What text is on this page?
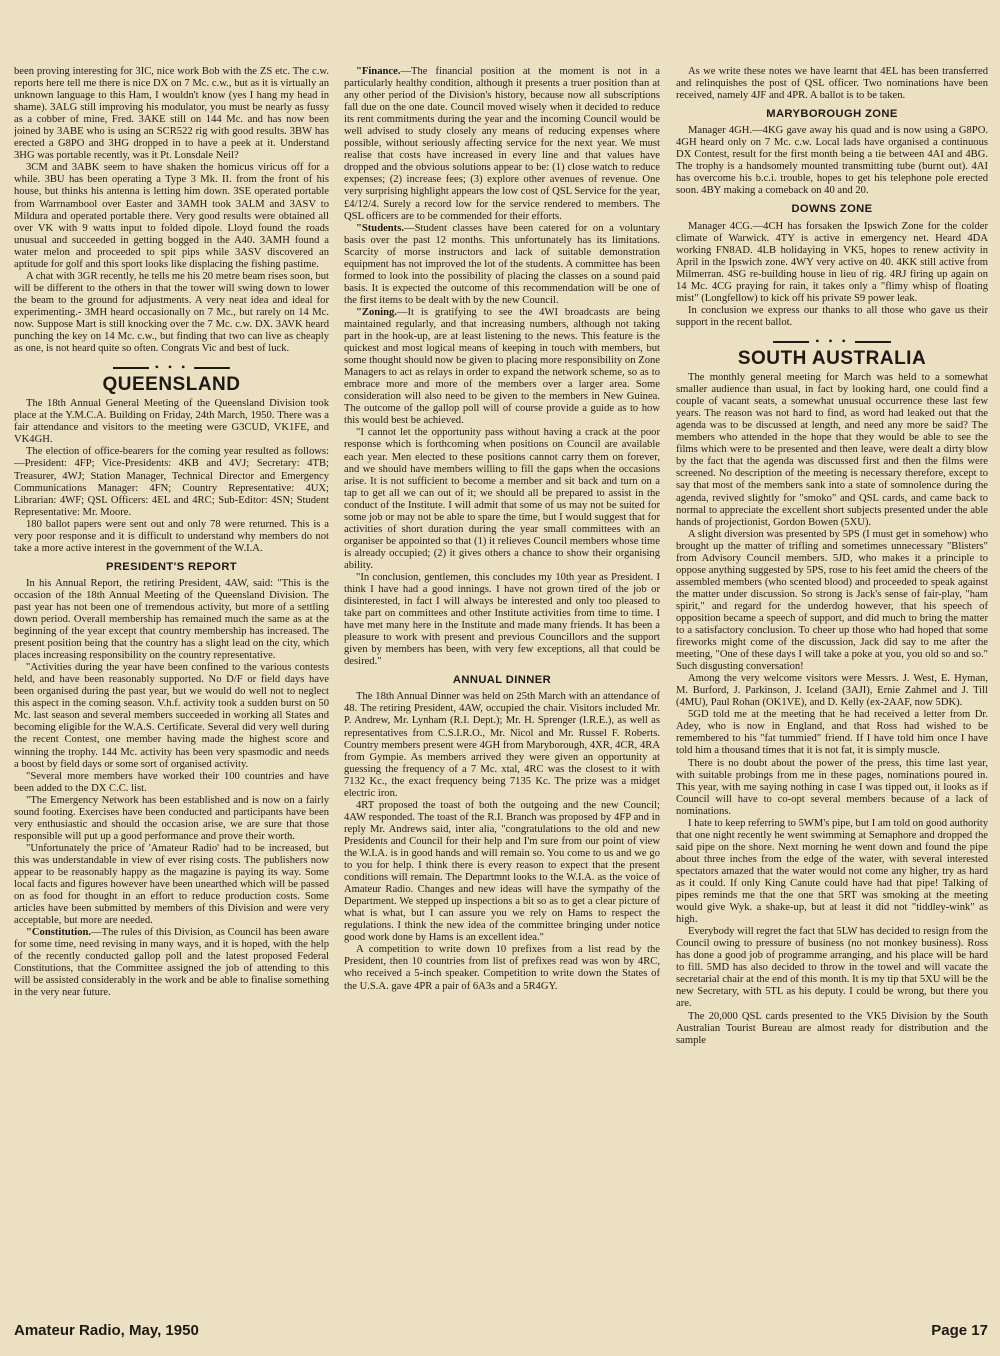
been proving interesting for 3IC, nice work Bob with the ZS etc. The c.w. reports here tell me there is nice DX on 7 Mc. c.w., but as it is virtually an unknown language to this Ham, I wouldn't know (yes I hang my head in shame). 3ALG still improving his modulator, you must be nearly as fussy as a cobber of mine, Fred. 3AKE still on 144 Mc. and has now been joined by 3ABE who is using an SCR522 rig with good results. 3BW has erected a G8PO and 3HG dropped in to have a peek at it. Understand 3HG was portable recently, was it Pt. Lonsdale Neil?

3CM and 3ABK seem to have shaken the homicus viricus off for a while. 3BU has been operating a Type 3 Mk. II. from the front of his house, but thinks his antenna is letting him down. 3SE operated portable from Warrnambool over Easter and 3AMH took 3ALM and 3ASV to Mildura and operated portable there. Very good results were obtained all over VK with 9 watts input to folded dipole. Lloyd found the roads unusual and succeeded in getting bogged in the A40. 3AMH found a water melon and proceeded to spit pips while 3ASV discovered an aptitude for golf and this sport looks like displacing the fishing pastime.

A chat with 3GR recently, he tells me his 20 metre beam rises soon, but will be different to the others in that the tower will swing down to lower the beam to the ground for adjustments. A very neat idea and ideal for experimenting.- 3MH heard occasionally on 7 Mc., but rarely on 14 Mc. now. Suppose Mart is still knocking over the 7 Mc. c.w. DX. 3AVK heard punching the key on 14 Mc. c.w., but finding that two can live as cheaply as one, is not heard quite so often. Congrats Vic and best of luck.

• • •
QUEENSLAND

The 18th Annual General Meeting of the Queensland Division took place at the Y.M.C.A. Building on Friday, 24th March, 1950. There was a fair attendance and visitors to the meeting were G3CUD, VK1FE, and VK4GH.

The election of office-bearers for the coming year resulted as follows:—President: 4FP; Vice-Presidents: 4KB and 4VJ; Secretary: 4TB; Treasurer, 4WJ; Station Manager, Technical Director and Emergency Communications Manager: 4FN; Country Representative: 4UX; Librarian: 4WF; QSL Officers: 4EL and 4RC; Sub-Editor: 4SN; Student Representative: Mr. Moore.

180 ballot papers were sent out and only 78 were returned. This is a very poor response and it is difficult to understand why members do not take a more active interest in the government of the W.I.A.

PRESIDENT'S REPORT

In his Annual Report, the retiring President, 4AW, said: "This is the occasion of the 18th Annual Meeting of the Queensland Division. The past year has not been one of tremendous activity, but more of a settling down period. Overall membership has remained much the same as at the beginning of the year except that country membership has increased. The present position being that the country has a slight lead on the city, which places increasing responsibility on the country representative.

"Activities during the year have been confined to the various contests held, and have been reasonably supported. No D/F or field days have been organised during the past year, but we would do well not to neglect this aspect in the coming season. V.h.f. activity took a sudden burst on 50 Mc. last season and several members succeeded in working all States and becoming eligible for the W.A.S. Certificate. Several did very well during the recent Contest, one member having made the highest score and winning the trophy. 144 Mc. activity has been very spasmodic and needs a boost by field days or some sort of organised activity.

"Several more members have worked their 100 countries and have been added to the DX C.C. list.

"The Emergency Network has been established and is now on a fairly sound footing. Exercises have been conducted and participants have been very enthusiastic and should the occasion arise, we are sure that those responsible will put up a good performance and prove their worth.

"Unfortunately the price of 'Amateur Radio' had to be increased, but this was understandable in view of ever rising costs. The publishers now appear to be reasonably happy as the magazine is paying its way. Some local facts and figures however have been unearthed which will be passed on as food for thought in an effort to reduce production costs. Some articles have been submitted by members of this Division and were very acceptable, but more are needed.

"Constitution.—The rules of this Division, as Council has been aware for some time, need revising in many ways, and it is hoped, with the help of the recently conducted gallop poll and the latest proposed Federal Constitutions, that the Committee assigned the job of attending to this will be assisted considerably in the work and be able to finalise something in the very near future.

"Finance.—The financial position at the moment is not in a particularly healthy condition, although it presents a truer position than at any other period of the Division's history, because now all subscriptions fall due on the one date. Council moved wisely when it decided to reduce its rent commitments during the year and the incoming Council would be well advised to study closely any means of reducing expenses where possible, without seriously affecting service for the next year. We must realise that costs have increased in every line and that values have dropped and the obvious solutions appear to be: (1) close watch to reduce expenses; (2) increase fees; (3) explore other avenues of revenue. One very surprising highlight appears the low cost of QSL Service for the year, £4/12/4. Surely a record low for the service rendered to members. The QSL officers are to be commended for their efforts.

"Students.—Student classes have been catered for on a voluntary basis over the past 12 months. This unfortunately has its limitations. Scarcity of morse instructors and lack of suitable demonstration equipment has not improved the lot of the students. A committee has been formed to look into the possibility of placing the classes on a sound paid basis. It is expected the outcome of this recommendation will be one of the first items to be dealt with by the new Council.

"Zoning.—It is gratifying to see the 4WI broadcasts are being maintained regularly, and that increasing numbers, although not taking part in the hook-up, are at least listening to the news. This feature is the quickest and most logical means of keeping in touch with members, but some thought should now be given to placing more responsibility on Zone Managers to act as relays in order to expand the network scheme, so as to embrace more and more of the members over a larger area. Some consideration will also need to be given to the members in New Guinea. The outcome of the gallop poll will of course provide a guide as to how this would best be achieved.

"I cannot let the opportunity pass without having a crack at the poor response which is forthcoming when positions on Council are available each year. Men elected to these positions cannot carry them on forever, and we should have members willing to fill the gaps when the occasions arise. It is not sufficient to become a member and sit back and turn on a tap to get all we can out of it; we should all be prepared to assist in the conduct of the Institute. I will admit that some of us may not be suited for some job or may not be able to spare the time, but I would suggest that for activities of short duration during the year small committees with an organiser be appointed so that (1) it relieves Council members whose time is already occupied; (2) it gives others a chance to show their organising ability.

"In conclusion, gentlemen, this concludes my 10th year as President. I think I have had a good innings. I have not grown tired of the job or disinterested, in fact I will always be interested and only too pleased to take part on committees and other Institute activities from time to time. I have met many here in the Institute and made many friends. It has been a pleasure to work with present and previous Councillors and the support given by members has been, with very few exceptions, all that could be desired."

ANNUAL DINNER

The 18th Annual Dinner was held on 25th March with an attendance of 48. The retiring President, 4AW, occupied the chair. Visitors included Mr. P. Andrew, Mr. Lynham (R.I. Dept.); Mr. H. Sprenger (I.R.E.), as well as representatives from C.S.I.R.O., Mr. Nicol and Mr. Russel F. Roberts. Country members present were 4GH from Maryborough, 4XR, 4CR, 4RA from Gympie. As members arrived they were given an opportunity at guessing the frequency of a 7 Mc. xtal, 4RC was the closest to it with 7132 Kc., the exact frequency being 7135 Kc. The prize was a midget electric iron.

4RT proposed the toast of both the outgoing and the new Council; 4AW responded. The toast of the R.I. Branch was proposed by 4FP and in reply Mr. Andrews said, inter alia, "congratulations to the old and new Presidents and Council for their help and I'm sure from our point of view the W.I.A. is in good hands and will remain so. You come to us and we go to you for help. I think there is every reason to expect that the present conditions will remain. The Departmnt looks to the W.I.A. as the voice of Amateur Radio. Changes and new ideas will have the sympathy of the Department. We stepped up inspections a bit so as to get a clear picture of what is what, but I can assure you we rely on Hams to respect the regulations. I think the new idea of the committee bringing under notice good work done by Hams is an excellent idea."

A competition to write down 10 prefixes from a list read by the President, then 10 countries from list of prefixes read was won by 4RC, who received a 5-inch speaker. Competition to write down the States of the U.S.A. gave 4PR a pair of 6A3s and a 5R4GY.

As we write these notes we have learnt that 4EL has been transferred and relinquishes the post of QSL officer. Two nominations have been received, namely 4JF and 4PR. A ballot is to be taken.

MARYBOROUGH ZONE

Manager 4GH.—4KG gave away his quad and is now using a G8PO. 4GH heard only on 7 Mc. c.w. Local lads have organised a continuous DX Contest, result for the first month being a tie between 4AI and 4BG. The trophy is a handsomely mounted transmitting tube (burnt out). 4AI has overcome his b.c.i. trouble, hopes to get his telephone pole erected soon. 4BY making a comeback on 40 and 20.

DOWNS ZONE

Manager 4CG.—4CH has forsaken the Ipswich Zone for the colder climate of Warwick. 4TY is active in emergency net. Heard 4DA working FN8AD. 4LB holidaying in VK5, hopes to renew activity in April in the Ipswich zone. 4WY very active on 40. 4KK still active from Milmerran. 4SG re-building house in lieu of rig. 4RJ firing up again on 14 Mc. 4CG praying for rain, it takes only a "flimy whisp of floating mist" (Longfellow) to kick off his private S9 power leak.

In conclusion we express our thanks to all those who gave us their support in the recent ballot.

• • •
SOUTH AUSTRALIA

The monthly general meeting for March was held to a somewhat smaller audience than usual, in fact by looking hard, one could find a couple of vacant seats, a somewhat unusual occurrence these last few years. The reason was not hard to find, as word had leaked out that the agenda was to be discussed at length, and need any more be said? The members who attended in the hope that they would be able to see the films which were to be presented and then leave, were dealt a dirty blow by the fact that the agenda was discussed first and then the films were screened. No description of the meeting is necessary therefore, except to say that most of the members sank into a state of somnolence during the agenda, revived slightly for "smoko" and QSL cards, and came back to normal to appreciate the excellent short subjects presented under the able hands of projectionist, Gordon Bowen (5XU).

A slight diversion was presented by 5PS (I must get in somehow) who brought up the matter of trifling and sometimes unnecessary "Blisters" from Advisory Council members. 5JD, who makes it a principle to oppose anything suggested by 5PS, rose to his feet amid the cheers of the assembled members (who scented blood) and proceeded to speak against the matter under discussion. So strong is Jack's sense of fair-play, "ham spirit," and regard for the underdog however, that his speech of opposition became a speech of support, and did much to bring the matter to a satisfactory conclusion. To cheer up those who had hoped that some fireworks might come of the discussion, Jack did say to me after the meeting, "One of these days I will take a poke at you, you old so and so." Such disgusting conversation!

Among the very welcome visitors were Messrs. J. West, E. Hyman, M. Burford, J. Parkinson, J. Iceland (3AJI), Ernie Zahmel and J. Till (4MU), Paul Rohan (OK1VE), and D. Kelly (ex-2AAF, now 5DK).

5GD told me at the meeting that he had received a letter from Dr. Adey, who is now in England, and that Ross had wished to be remembered to his "fat tummied" friend. If I have told him once I have told him a thousand times that it is not fat, it is simply muscle.

There is no doubt about the power of the press, this time last year, with suitable probings from me in these pages, nominations poured in. This year, with me saying nothing in case I was tipped out, it looks as if Council will have to co-opt several members because of a lack of nominations.

I hate to keep referring to 5WM's pipe, but I am told on good authority that one night recently he went swimming at Semaphore and dropped the said pipe on the shore. Next morning he went down and found the pipe about three inches from the edge of the water, with several interested spectators amazed that the water would not come any higher, try as hard as it could. If only King Canute could have had that pipe! Talking of pipes reminds me that the one that 5RT was smoking at the meeting would give Wyk. a shake-up, but at least it did not "tiddley-wink" as high.

Everybody will regret the fact that 5LW has decided to resign from the Council owing to pressure of business (no not monkey business). Ross has done a good job of programme arranging, and his place will be hard to fill. 5MD has also decided to throw in the towel and will vacate the secretarial chair at the end of this month. It is my tip that 5XU will be the new Secretary, with 5TL as his deputy. I could be wrong, but there you are.

The 20,000 QSL cards presented to the VK5 Division by the South Australian Tourist Bureau are almost ready for distribution and the sample

Amateur Radio, May, 1950	Page 17
